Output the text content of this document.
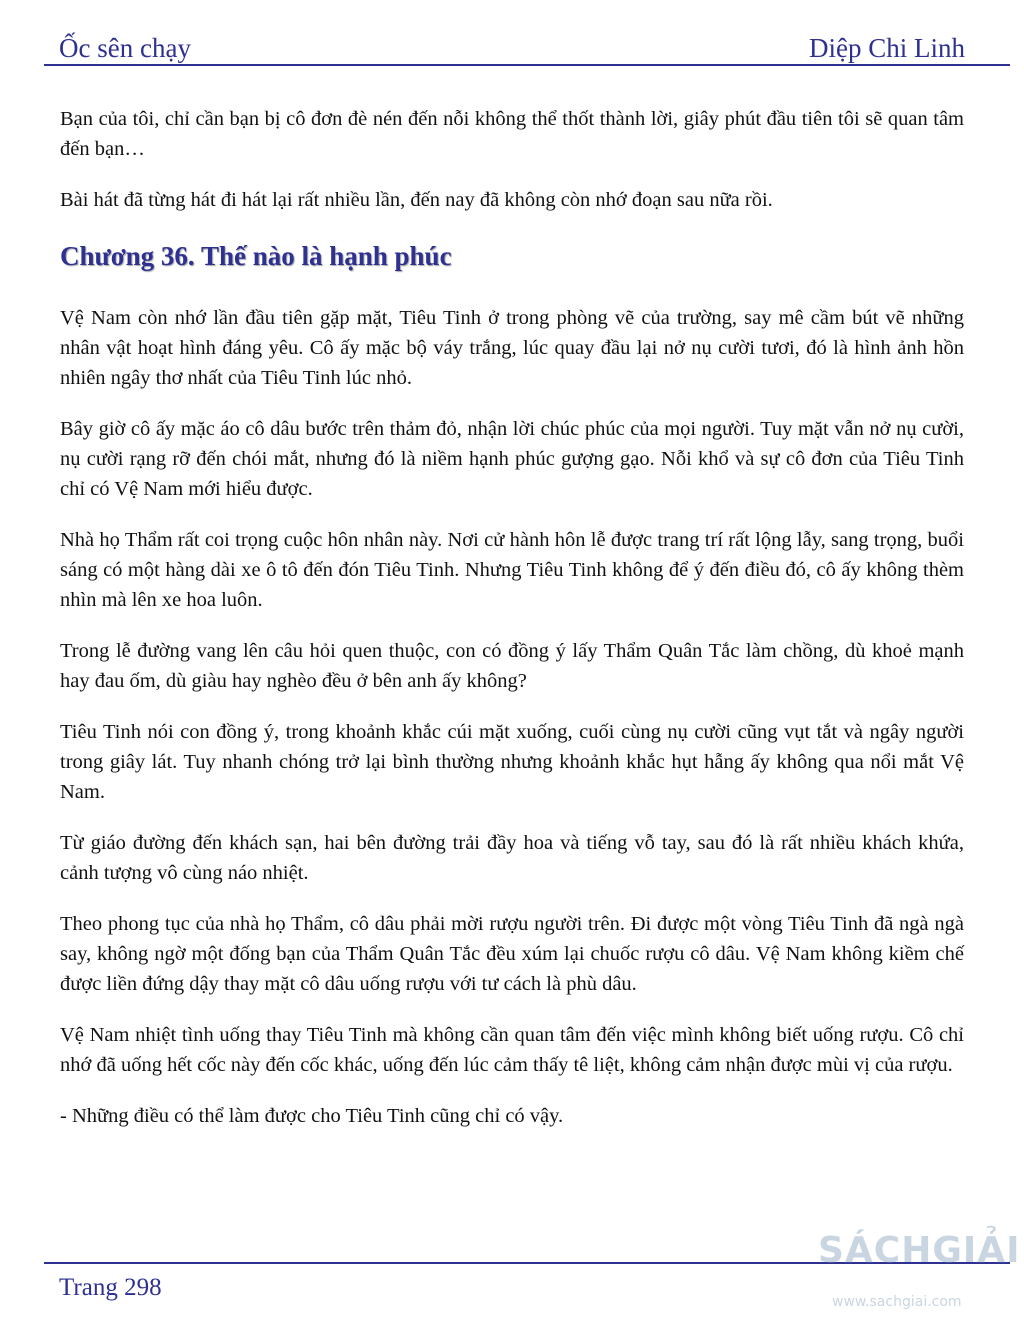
Ốc sên chạy	Diệp Chi Linh

Bạn của tôi, chỉ cần bạn bị cô đơn đè nén đến nỗi không thể thốt thành lời, giây phút đầu tiên tôi sẽ quan tâm đến bạn…

Bài hát đã từng hát đi hát lại rất nhiều lần, đến nay đã không còn nhớ đoạn sau nữa rồi.

Chương 36. Thế nào là hạnh phúc

Vệ Nam còn nhớ lần đầu tiên gặp mặt, Tiêu Tinh ở trong phòng vẽ của trường, say mê cầm bút vẽ những nhân vật hoạt hình đáng yêu. Cô ấy mặc bộ váy trắng, lúc quay đầu lại nở nụ cười tươi, đó là hình ảnh hồn nhiên ngây thơ nhất của Tiêu Tinh lúc nhỏ.

Bây giờ cô ấy mặc áo cô dâu bước trên thảm đỏ, nhận lời chúc phúc của mọi người. Tuy mặt vẫn nở nụ cười, nụ cười rạng rỡ đến chói mắt, nhưng đó là niềm hạnh phúc gượng gạo. Nỗi khổ và sự cô đơn của Tiêu Tinh chỉ có Vệ Nam mới hiểu được.

Nhà họ Thẩm rất coi trọng cuộc hôn nhân này. Nơi cử hành hôn lễ được trang trí rất lộng lẫy, sang trọng, buổi sáng có một hàng dài xe ô tô đến đón Tiêu Tinh. Nhưng Tiêu Tinh không để ý đến điều đó, cô ấy không thèm nhìn mà lên xe hoa luôn.

Trong lễ đường vang lên câu hỏi quen thuộc, con có đồng ý lấy Thẩm Quân Tắc làm chồng, dù khoẻ mạnh hay đau ốm, dù giàu hay nghèo đều ở bên anh ấy không?

Tiêu Tinh nói con đồng ý, trong khoảnh khắc cúi mặt xuống, cuối cùng nụ cười cũng vụt tắt và ngây người trong giây lát. Tuy nhanh chóng trở lại bình thường nhưng khoảnh khắc hụt hẫng ấy không qua nổi mắt Vệ Nam.

Từ giáo đường đến khách sạn, hai bên đường trải đầy hoa và tiếng vỗ tay, sau đó là rất nhiều khách khứa, cảnh tượng vô cùng náo nhiệt.

Theo phong tục của nhà họ Thẩm, cô dâu phải mời rượu người trên. Đi được một vòng Tiêu Tinh đã ngà ngà say, không ngờ một đống bạn của Thẩm Quân Tắc đều xúm lại chuốc rượu cô dâu. Vệ Nam không kiềm chế được liền đứng dậy thay mặt cô dâu uống rượu với tư cách là phù dâu.

Vệ Nam nhiệt tình uống thay Tiêu Tinh mà không cần quan tâm đến việc mình không biết uống rượu. Cô chỉ nhớ đã uống hết cốc này đến cốc khác, uống đến lúc cảm thấy tê liệt, không cảm nhận được mùi vị của rượu.

- Những điều có thể làm được cho Tiêu Tinh cũng chỉ có vậy.

Trang 298
SÁCHGIẢI
www.sachgiai.com
